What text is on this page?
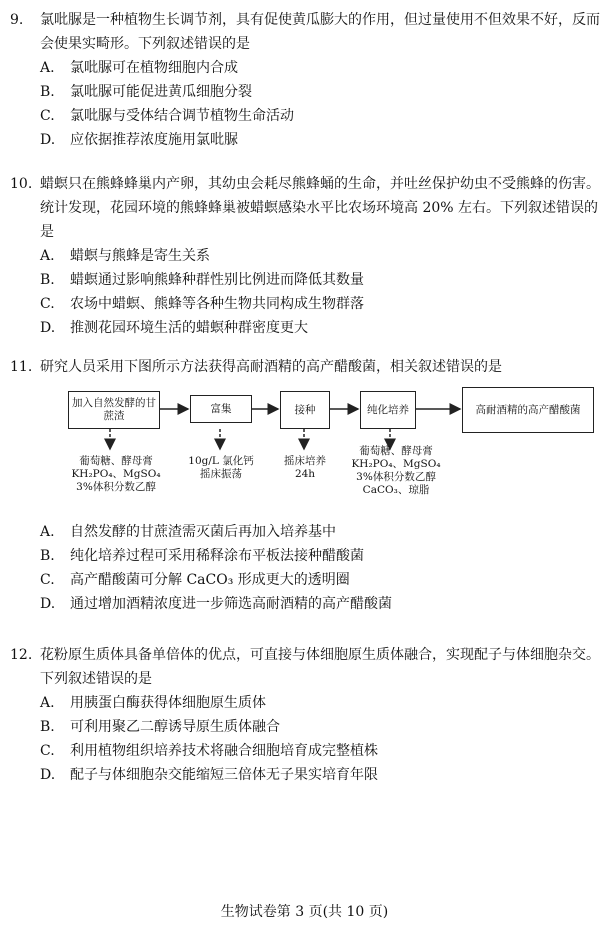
9.	氯吡脲是一种植物生长调节剂，具有促使黄瓜膨大的作用，但过量使用不但效果不好，反而会使果实畸形。下列叙述错误的是
A.	氯吡脲可在植物细胞内合成
B.	氯吡脲可能促进黄瓜细胞分裂
C.	氯吡脲与受体结合调节植物生命活动
D.	应依据推荐浓度施用氯吡脲
10. 蜡螟只在熊蜂蜂巢内产卵，其幼虫会耗尽熊蜂蛹的生命，并吐丝保护幼虫不受熊蜂的伤害。统计发现，花园环境的熊蜂蜂巢被蜡螟感染水平比农场环境高 20% 左右。下列叙述错误的是
A.	蜡螟与熊蜂是寄生关系
B.	蜡螟通过影响熊蜂种群性别比例进而降低其数量
C.	农场中蜡螟、熊蜂等各种生物共同构成生物群落
D.	推测花园环境生活的蜡螟种群密度更大
11. 研究人员采用下图所示方法获得高耐酒精的高产醋酸菌，相关叙述错误的是
加入自然发酵的甘蔗渣
富集	接种	纯化培养	高耐酒精的高产醋酸菌
葡萄糖、酵母膏
KH₂PO₄、MgSO₄
3%体积分数乙醇
10g/L 氯化钙
摇床振荡
摇床培养
24h
葡萄糖、酵母膏
KH₂PO₄、MgSO₄
3%体积分数乙醇
CaCO₃、琼脂
A.	自然发酵的甘蔗渣需灭菌后再加入培养基中
B.	纯化培养过程可采用稀释涂布平板法接种醋酸菌
C.	高产醋酸菌可分解 CaCO₃ 形成更大的透明圈
D.	通过增加酒精浓度进一步筛选高耐酒精的高产醋酸菌
12. 花粉原生质体具备单倍体的优点，可直接与体细胞原生质体融合，实现配子与体细胞杂交。下列叙述错误的是
A.	用胰蛋白酶获得体细胞原生质体
B.	可利用聚乙二醇诱导原生质体融合
C.	利用植物组织培养技术将融合细胞培育成完整植株
D.	配子与体细胞杂交能缩短三倍体无子果实培育年限
生物试卷第 3 页(共 10 页)
